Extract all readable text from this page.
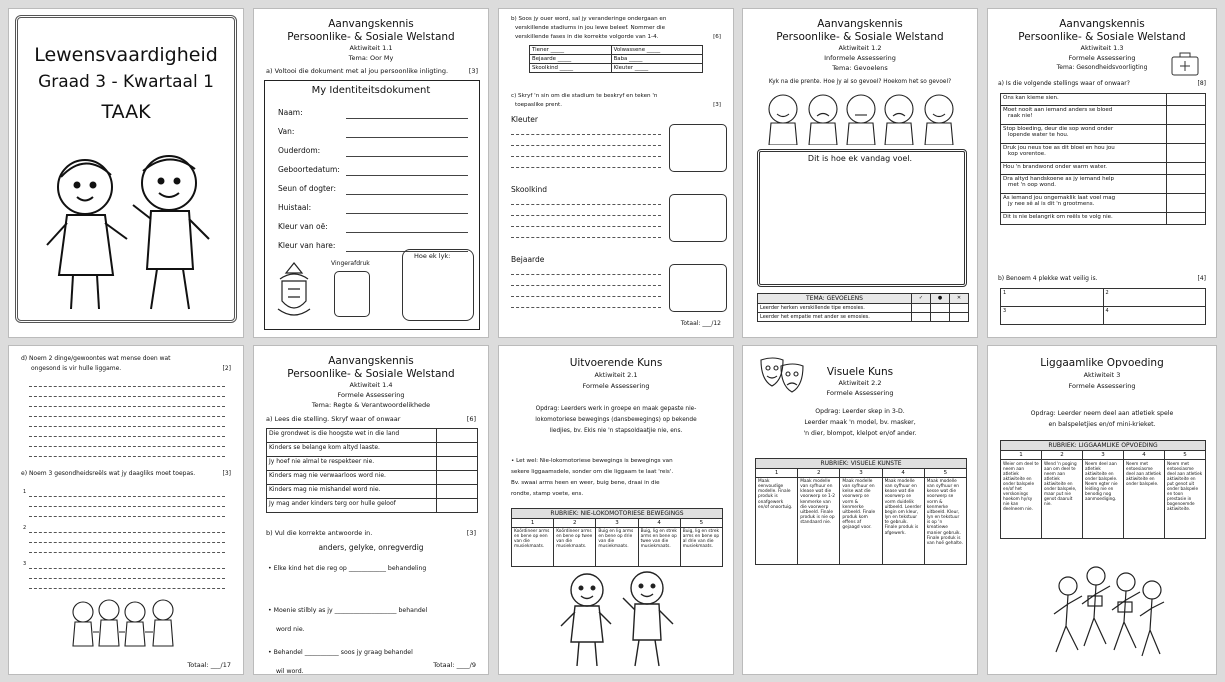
Lewensvaardigheid
Graad 3 - Kwartaal 1
TAAK
Aanvangskennis
Persoonlike- & Sosiale Welstand
Aktiwiteit 1.1
Tema: Oor My
a) Voltooi die dokument met al jou persoonlike inligting.	[3]
My Identiteitsdokument
Naam:
Van:
Ouderdom:
Geboortedatum:
Seun of dogter:
Huistaal:
Kleur van oë:
Kleur van hare:
Vingerafdruk
Hoe ek lyk:
b) Soos jy ouer word, sal jy veranderinge ondergaan en
verskillende stadiums in jou lewe beleef. Nommer die
verskillende fases in die korrekte volgorde van 1-4.	[6]
Tiener _____	Volwassene _____
Bejaarde _____	Baba _____
Skoolkind _____	Kleuter _____
c) Skryf 'n sin om die stadium te beskryf en teken 'n
toepaslike prent.	[3]
Kleuter
Skoolkind
Bejaarde
Totaal: ___/12
Aanvangskennis
Persoonlike- & Sosiale Welstand
Aktiwiteit 1.2
Informele Assessering
Tema: Gevoelens
Kyk na die prente. Hoe jy al so gevoel? Hoekom het so gevoel?
Dit is hoe ek vandag voel.
TEMA: GEVOELENS	✓	●	✕
Leerder herken verskillende tipe emosies.			
Leerder het empatie met ander se emosies.			
Aanvangskennis
Persoonlike- & Sosiale Welstand
Aktiwiteit 1.3
Formele Assessering
Tema: Gesondheidsvoorligting
a) Is die volgende stellings waar of onwaar?	[8]
Ons kan kieme sien.	

Moet nooit aan iemand anders se bloed
raak nie!	

Stop bloeding, deur die sop wond onder
lopende water te hou.	

Druk jou neus toe as dit bloei en hou jou
kop vorentoe.	

Hou 'n brandwond onder warm water.	

Dra altyd handskoene as jy iemand help
met 'n oop wond.	

As iemand jou ongemaklik laat voel mag
jy nee sê al is dit 'n grootmens.	

Dit is nie belangrik om reëls te volg nie.	

b) Benoem 4 plekke wat veilig is.	[4]
1	2
3	4
d) Noem 2 dinge/gewoontes wat mense doen wat
ongesond is vir hulle liggame.	[2]
e) Noem 3 gesondheidsreëls wat jy daagliks moet toepas.	[3]
1
2
3
Totaal: ___/17
Aanvangskennis
Persoonlike- & Sosiale Welstand
Aktiwiteit 1.4
Formele Assessering
Tema: Regte & Verantwoordelikhede
a) Lees die stelling. Skryf waar of onwaar	[6]
Die grondwet is die hoogste wet in die land	
Kinders se belange kom altyd laaste.	
Jy hoef nie almal te respekteer nie.	
Kinders mag nie verwaarloos word nie.	
Kinders mag nie mishandel word nie.	
Jy mag ander kinders terg oor hulle geloof	
b) Vul die korrekte antwoorde in.	[3]
anders, gelyke, onregverdig
• Elke kind het die reg op ____________ behandeling
• Moenie stilbly as jy ____________________ behandel
word nie.
• Behandel ___________ soos jy graag behandel
wil word.
Totaal: ____/9
Uitvoerende Kuns
Aktiwiteit 2.1
Formele Assessering
Opdrag: Leerders werk in groepe en maak gepaste nie-
lokomotoriese bewegings (dansbewegings) op bekende
liedjies, bv. Ekis nie 'n stapsoldaatjie nie, ens.
• Let wel: Nie-lokomotoriese bewegings is bewegings van
sekere liggaamsdele, sonder om die liggaam te laat 'reis'.
Bv. swaai arms heen en weer, buig bene, draai in die
rondte, stamp voete, ens.
RUBRIEK: NIE-LOKOMOTORIESE BEWEGINGS				
1	2	3	4	5
Koördineer arms en bene op een van die musiekmaats.	Koördineer arms en bene op twee van die musiekmaats.	Buig en lig arms en bene op drie van die musiekmaats.	Buig, lig en strek arms en bene op twee van die musiekmaats.	Buig, lig en strek arms en bene op al drie van die musiekmaats.
Visuele Kuns
Aktiwiteit 2.2
Formele Assessering
Opdrag: Leerder skep in 3-D.
Leerder maak 'n model, bv. masker,
'n dier, blompot, klelpot en/of ander.
RUBRIEK: VISUELE KUNSTE				
1	2	3	4	5
Maak eenvoudige modelle. Finale produk is onafgewerk en/of onoortuig.	Maak modelle van syfhuur en klease wat die voorwerp se 1-2 kenmerke van die voorwerp uitbeeld. Finale produk is nie op standaard nie.	Maak modelle van syfhuur en kelse wat die voorwerp se vorm & kenmerke uitbeeld. Finale produk kom effens af gejaagd voor.	Maak modelle van syfhuur en kease wat die voorwerp se vorm duidelik uitbeeld. Leerder begin om kleur, lyn en tekstuur te gebruik. Finale produk is afgewerk.	Maak modelle van syfhuur en kesse wat die voorwerp se vorm & kenmerke uitbeeld. Kleur, lyn en tekstuur is op 'n kreatiewe manier gebruik. Finale produk is van hoë gehalte.
Liggaamlike Opvoeding
Aktiwiteit 3
Formele Assessering
Opdrag: Leerder neem deel aan atletiek spele
en balspeletjies en/of mini-krieket.
RUBRIEK: LIGGAAMLIKE OPVOEDING				
1	2	3	4	5
Weier om deel te neem aan atletiek aktiwiteite en onder balspele en/of het verskonings hoekom hy/sy nie kan deelneem nie.	Wend 'n poging aan om deel te neem aan atletiek aktiwiteite en onder balspele, maar put nie genot daaruit nie.	Neem deel aan atletiek aktiwiteite en onder balspele. Neem egter nie leiding nie en benodig nog aanmoediging.	Neem met entoesiasme deel aan atletiek aktiwiteite en onder balspele.	Neem met entoesiasme deel aan atletiek aktiwiteite en put genot uit onder balspele en toon prestasie in bogenoemde aktiwiteite.
